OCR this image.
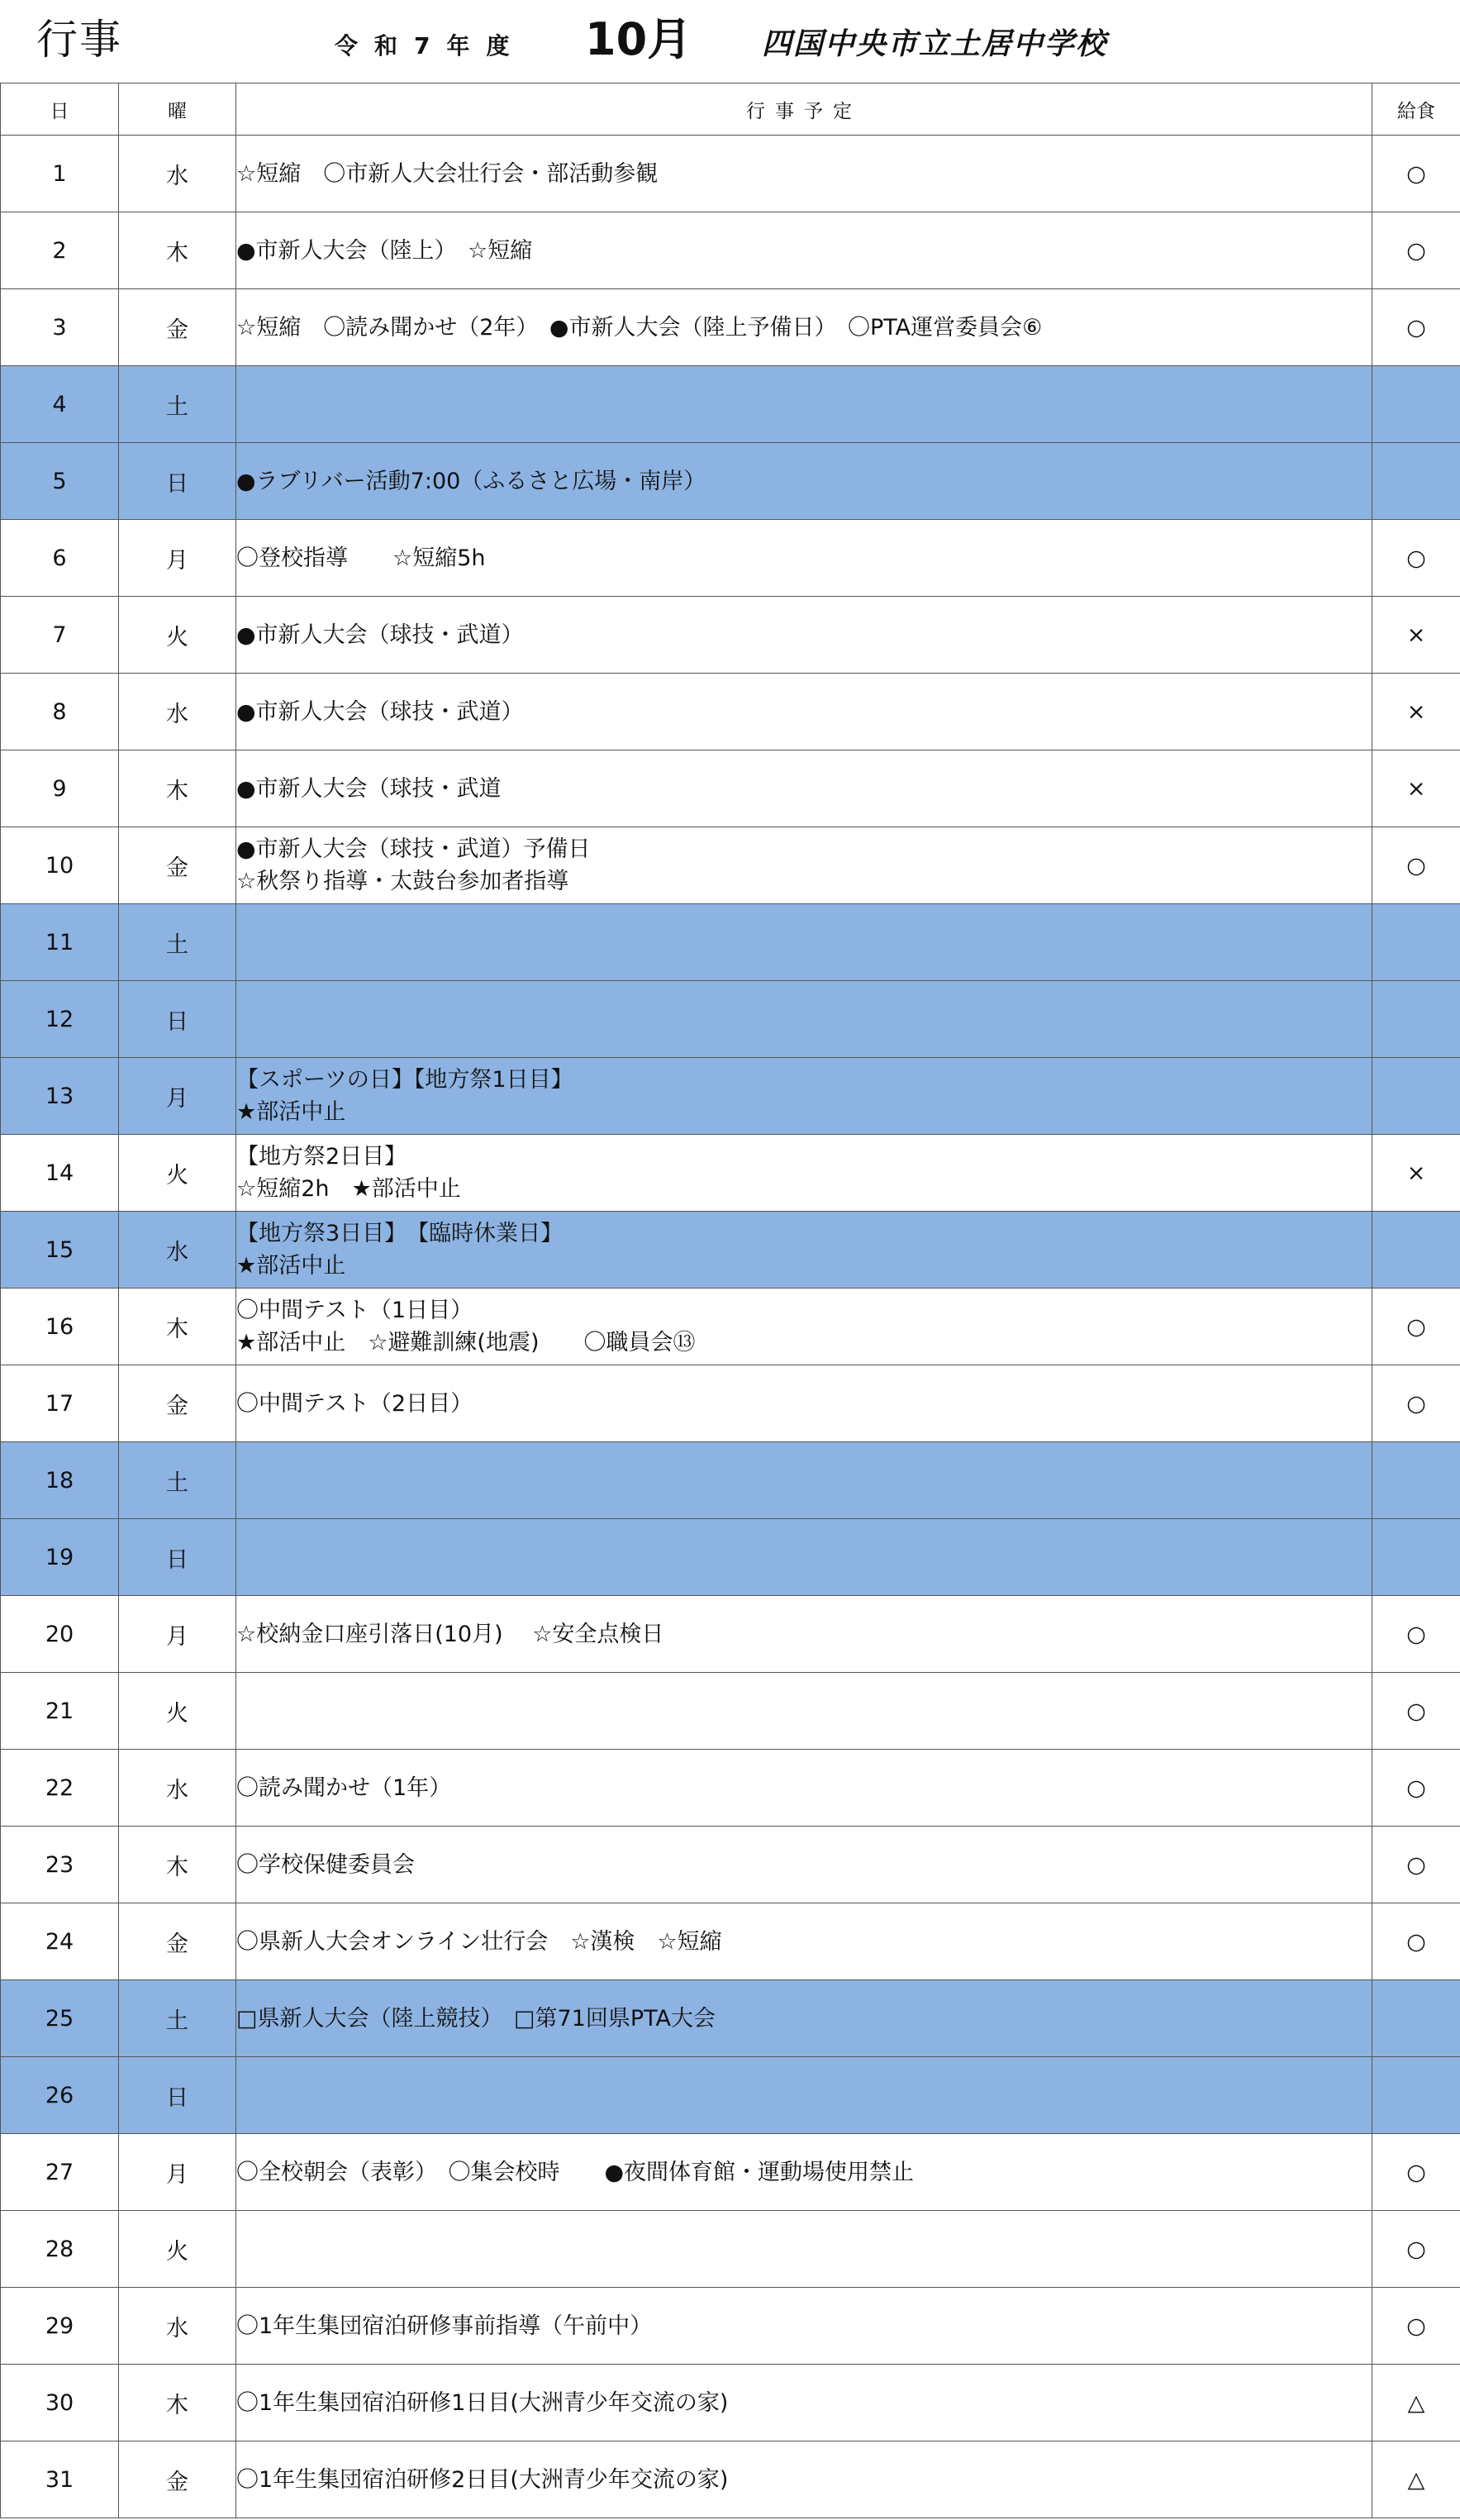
行事	令和7年度 10月 四国中央市立土居中学校
日	曜	行事予定	給食
1	水	☆短縮　〇市新人大会壮行会・部活動参観	○
2	木	●市新人大会（陸上）　☆短縮	○
3	金	☆短縮　〇読み聞かせ（2年）　●市新人大会（陸上予備日）　〇PTA運営委員会⑥	○
4	土		
5	日	●ラブリバー活動7:00（ふるさと広場・南岸）	

6	月	〇登校指導　　☆短縮5h	○
7	火	●市新人大会（球技・武道）	×
8	水	●市新人大会（球技・武道）	×
9	木	●市新人大会（球技・武道	×
10	金	●市新人大会（球技・武道）予備日
☆秋祭り指導・太鼓台参加者指導	○
11	土		
12	日		
13	月	【スポーツの日】【地方祭1日目】
★部活中止	

14	火	【地方祭2日目】
☆短縮2h　★部活中止	×
15	水	【地方祭3日目】　【臨時休業日】
★部活中止	

16	木	〇中間テスト（1日目）
★部活中止　☆避難訓練(地震)　　〇職員会⑬	○
17	金	〇中間テスト（2日目）	○
18	土		
19	日		
20	月	☆校納金口座引落日(10月)　 ☆安全点検日	○
21	火		○
22	水	〇読み聞かせ（1年）	○
23	木	〇学校保健委員会	○
24	金	〇県新人大会オンライン壮行会　☆漢検　☆短縮	○
25	土	□県新人大会（陸上競技）　□第71回県PTA大会	

26	日		
27	月	〇全校朝会（表彰）　〇集会校時　　●夜間体育館・運動場使用禁止	○
28	火		○
29	水	〇1年生集団宿泊研修事前指導（午前中）	○
30	木	〇1年生集団宿泊研修1日目(大洲青少年交流の家)	△
31	金	〇1年生集団宿泊研修2日目(大洲青少年交流の家)	△
